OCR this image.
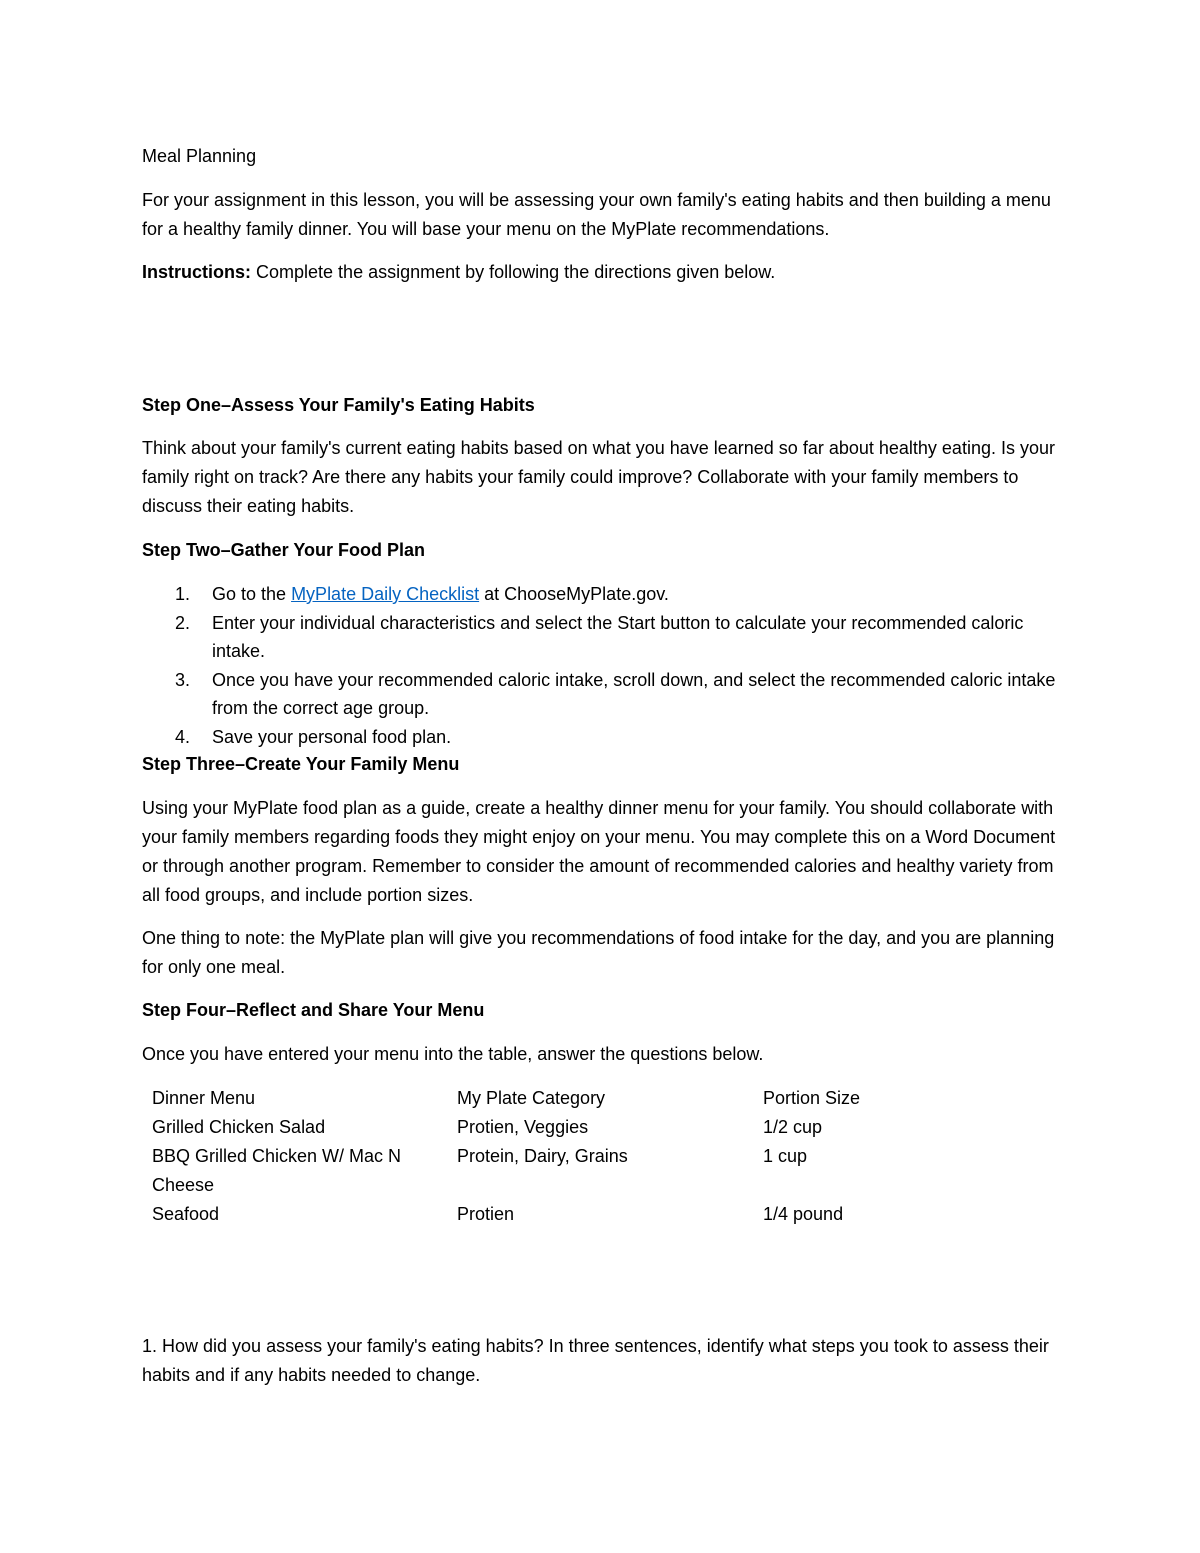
Meal Planning

For your assignment in this lesson, you will be assessing your own family's eating habits and then building a menu for a healthy family dinner. You will base your menu on the MyPlate recommendations.

Instructions: Complete the assignment by following the directions given below.

Step One–Assess Your Family's Eating Habits

Think about your family's current eating habits based on what you have learned so far about healthy eating. Is your family right on track? Are there any habits your family could improve? Collaborate with your family members to discuss their eating habits.

Step Two–Gather Your Food Plan

1. Go to the MyPlate Daily Checklist at ChooseMyPlate.gov.
2. Enter your individual characteristics and select the Start button to calculate your recommended caloric intake.
3. Once you have your recommended caloric intake, scroll down, and select the recommended caloric intake from the correct age group.
4. Save your personal food plan.

Step Three–Create Your Family Menu

Using your MyPlate food plan as a guide, create a healthy dinner menu for your family. You should collaborate with your family members regarding foods they might enjoy on your menu. You may complete this on a Word Document or through another program. Remember to consider the amount of recommended calories and healthy variety from all food groups, and include portion sizes.

One thing to note: the MyPlate plan will give you recommendations of food intake for the day, and you are planning for only one meal.

Step Four–Reflect and Share Your Menu

Once you have entered your menu into the table, answer the questions below.

Dinner Menu	My Plate Category	Portion Size
Grilled Chicken Salad	Protien, Veggies	1/2 cup
BBQ Grilled Chicken W/ Mac N Cheese	Protein, Dairy, Grains	1 cup
Seafood	Protien	1/4 pound

1. How did you assess your family's eating habits? In three sentences, identify what steps you took to assess their habits and if any habits needed to change.
